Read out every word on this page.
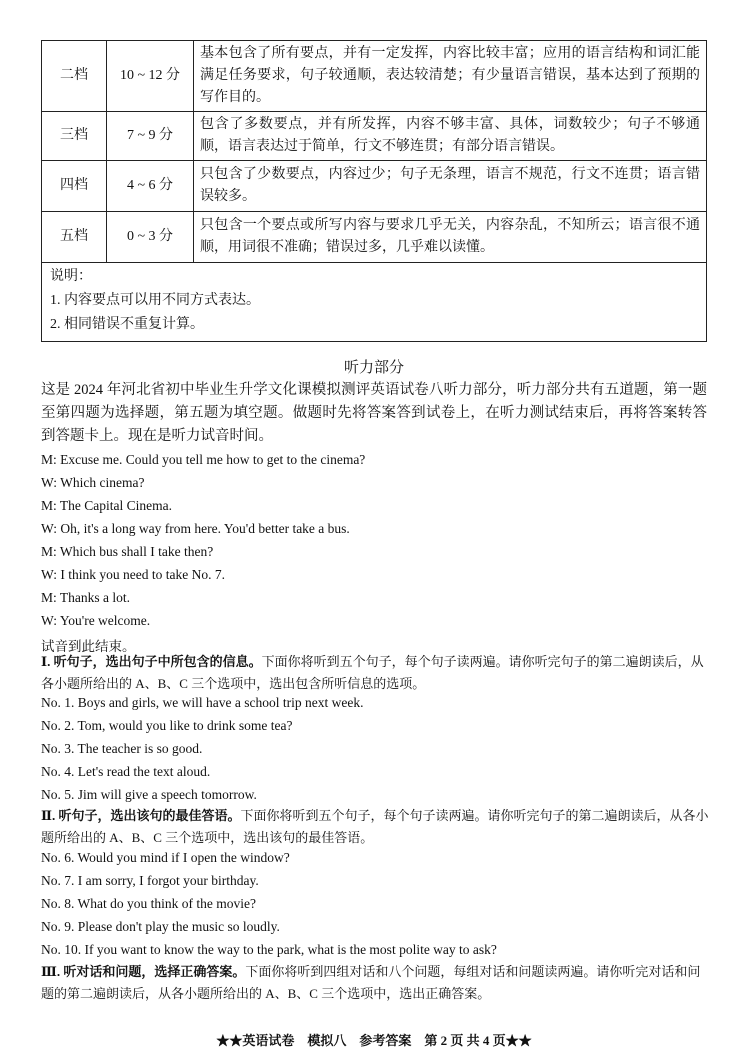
二档	10 ~ 12 分	基本包含了所有要点，并有一定发挥，内容比较丰富；应用的语言结构和词汇能满足任务要求，句子较通顺，表达较清楚；有少量语言错误，基本达到了预期的写作目的。
三档	7 ~ 9 分	包含了多数要点，并有所发挥，内容不够丰富、具体，词数较少；句子不够通顺，语言表达过于简单，行文不够连贯；有部分语言错误。
四档	4 ~ 6 分	只包含了少数要点，内容过少；句子无条理，语言不规范，行文不连贯；语言错误较多。
五档	0 ~ 3 分	只包含一个要点或所写内容与要求几乎无关，内容杂乱，不知所云；语言很不通顺，用词很不准确；错误过多，几乎难以读懂。

说明：
1. 内容要点可以用不同方式表达。
2. 相同错误不重复计算。		
听力部分
这是 2024 年河北省初中毕业生升学文化课模拟测评英语试卷八听力部分，听力部分共有五道题，第一题至第四题为选择题，第五题为填空题。做题时先将答案答到试卷上，在听力测试结束后，再将答案转答到答题卡上。现在是听力试音时间。
M: Excuse me. Could you tell me how to get to the cinema?
W: Which cinema?
M: The Capital Cinema.
W: Oh, it's a long way from here. You'd better take a bus.
M: Which bus shall I take then?
W: I think you need to take No. 7.
M: Thanks a lot.
W: You're welcome.
试音到此结束。
Ⅰ. 听句子，选出句子中所包含的信息。下面你将听到五个句子，每个句子读两遍。请你听完句子的第二遍朗读后，从各小题所给出的 A、B、C 三个选项中，选出包含所听信息的选项。
No. 1. Boys and girls, we will have a school trip next week.
No. 2. Tom, would you like to drink some tea?
No. 3. The teacher is so good.
No. 4. Let's read the text aloud.
No. 5. Jim will give a speech tomorrow.
Ⅱ. 听句子，选出该句的最佳答语。下面你将听到五个句子，每个句子读两遍。请你听完句子的第二遍朗读后，从各小题所给出的 A、B、C 三个选项中，选出该句的最佳答语。
No. 6. Would you mind if I open the window?
No. 7. I am sorry, I forgot your birthday.
No. 8. What do you think of the movie?
No. 9. Please don't play the music so loudly.
No. 10. If you want to know the way to the park, what is the most polite way to ask?
Ⅲ. 听对话和问题，选择正确答案。下面你将听到四组对话和八个问题，每组对话和问题读两遍。请你听完对话和问题的第二遍朗读后，从各小题所给出的 A、B、C 三个选项中，选出正确答案。
★★英语试卷　模拟八　参考答案　第 2 页 共 4 页★★
